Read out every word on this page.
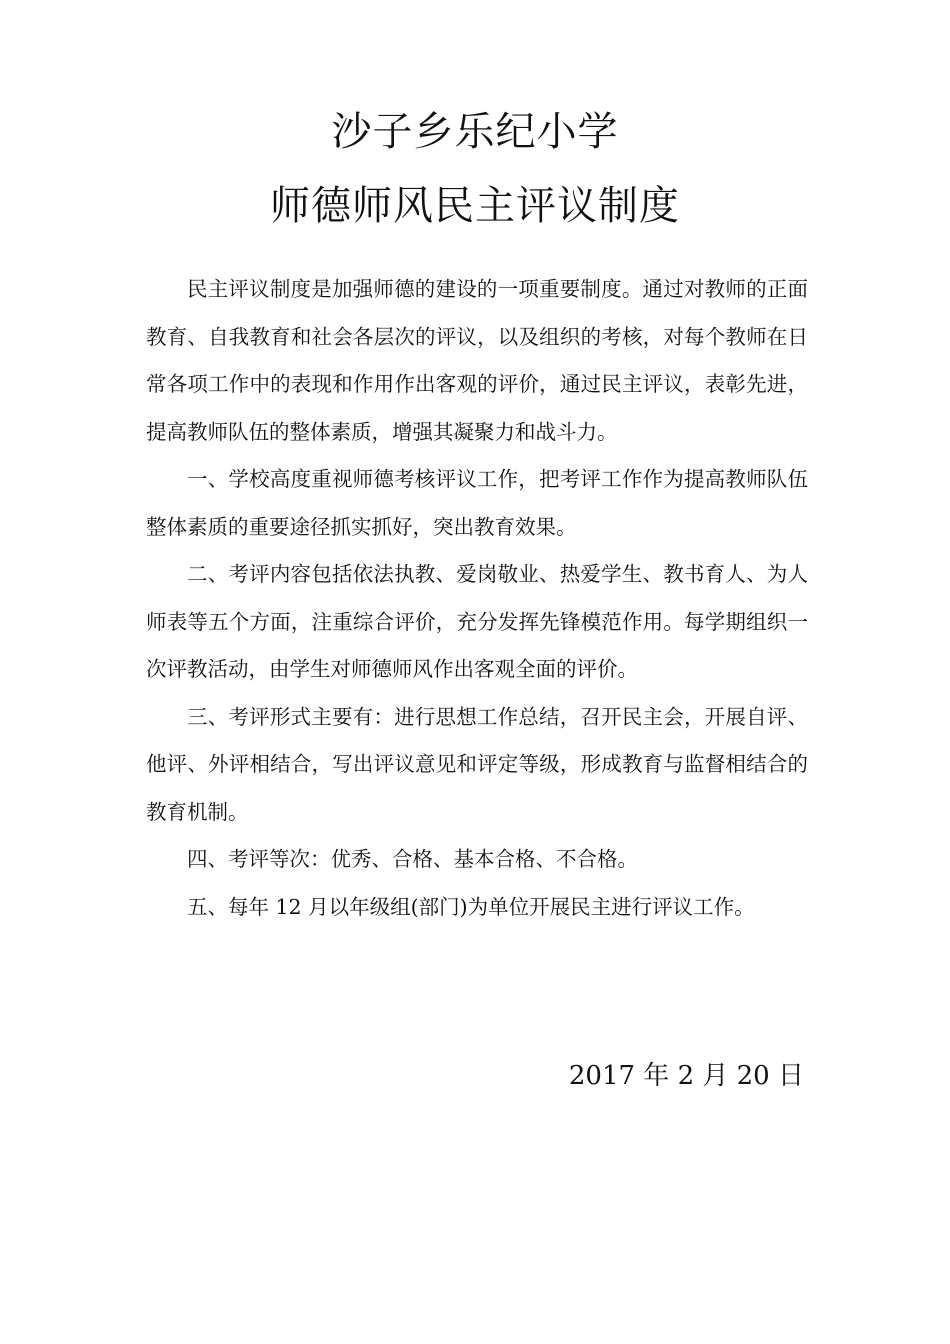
沙子乡乐纪小学
师德师风民主评议制度

民主评议制度是加强师德的建设的一项重要制度。通过对教师的正面教育、自我教育和社会各层次的评议，以及组织的考核，对每个教师在日常各项工作中的表现和作用作出客观的评价，通过民主评议，表彰先进，提高教师队伍的整体素质，增强其凝聚力和战斗力。

一、学校高度重视师德考核评议工作，把考评工作作为提高教师队伍整体素质的重要途径抓实抓好，突出教育效果。

二、考评内容包括依法执教、爱岗敬业、热爱学生、教书育人、为人师表等五个方面，注重综合评价，充分发挥先锋模范作用。每学期组织一次评教活动，由学生对师德师风作出客观全面的评价。

三、考评形式主要有：进行思想工作总结，召开民主会，开展自评、他评、外评相结合，写出评议意见和评定等级，形成教育与监督相结合的教育机制。

四、考评等次：优秀、合格、基本合格、不合格。

五、每年 12 月以年级组(部门)为单位开展民主进行评议工作。

2017 年 2 月 20 日
